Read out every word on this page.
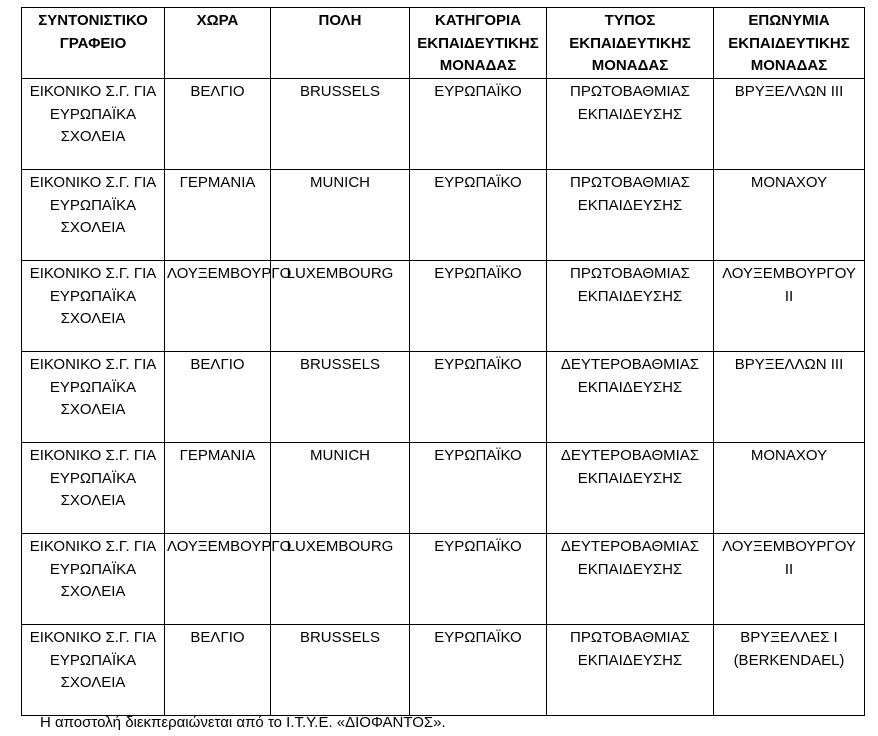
ΣΥΝΤΟΝΙΣΤΙΚΟ ΓΡΑΦΕΙΟ	ΧΩΡΑ	ΠΟΛΗ	ΚΑΤΗΓΟΡΙΑ ΕΚΠΑΙΔΕΥΤΙΚΗΣ ΜΟΝΑΔΑΣ	ΤΥΠΟΣ ΕΚΠΑΙΔΕΥΤΙΚΗΣ ΜΟΝΑΔΑΣ	ΕΠΩΝΥΜΙΑ ΕΚΠΑΙΔΕΥΤΙΚΗΣ ΜΟΝΑΔΑΣ
ΕΙΚΟΝΙΚΟ Σ.Γ. ΓΙΑ ΕΥΡΩΠΑΪΚΑ ΣΧΟΛΕΙΑ	ΒΕΛΓΙΟ	BRUSSELS	ΕΥΡΩΠΑΪΚΟ	ΠΡΩΤΟΒΑΘΜΙΑΣ ΕΚΠΑΙΔΕΥΣΗΣ	ΒΡΥΞΕΛΛΩΝ III
ΕΙΚΟΝΙΚΟ Σ.Γ. ΓΙΑ ΕΥΡΩΠΑΪΚΑ ΣΧΟΛΕΙΑ	ΓΕΡΜΑΝΙΑ	MUNICH	ΕΥΡΩΠΑΪΚΟ	ΠΡΩΤΟΒΑΘΜΙΑΣ ΕΚΠΑΙΔΕΥΣΗΣ	ΜΟΝΑΧΟΥ
ΕΙΚΟΝΙΚΟ Σ.Γ. ΓΙΑ ΕΥΡΩΠΑΪΚΑ ΣΧΟΛΕΙΑ	ΛΟΥΞΕΜΒΟΥΡΓΟ	LUXEMBOURG	ΕΥΡΩΠΑΪΚΟ	ΠΡΩΤΟΒΑΘΜΙΑΣ ΕΚΠΑΙΔΕΥΣΗΣ	ΛΟΥΞΕΜΒΟΥΡΓΟΥ II
ΕΙΚΟΝΙΚΟ Σ.Γ. ΓΙΑ ΕΥΡΩΠΑΪΚΑ ΣΧΟΛΕΙΑ	ΒΕΛΓΙΟ	BRUSSELS	ΕΥΡΩΠΑΪΚΟ	ΔΕΥΤΕΡΟΒΑΘΜΙΑΣ ΕΚΠΑΙΔΕΥΣΗΣ	ΒΡΥΞΕΛΛΩΝ III
ΕΙΚΟΝΙΚΟ Σ.Γ. ΓΙΑ ΕΥΡΩΠΑΪΚΑ ΣΧΟΛΕΙΑ	ΓΕΡΜΑΝΙΑ	MUNICH	ΕΥΡΩΠΑΪΚΟ	ΔΕΥΤΕΡΟΒΑΘΜΙΑΣ ΕΚΠΑΙΔΕΥΣΗΣ	ΜΟΝΑΧΟΥ
ΕΙΚΟΝΙΚΟ Σ.Γ. ΓΙΑ ΕΥΡΩΠΑΪΚΑ ΣΧΟΛΕΙΑ	ΛΟΥΞΕΜΒΟΥΡΓΟ	LUXEMBOURG	ΕΥΡΩΠΑΪΚΟ	ΔΕΥΤΕΡΟΒΑΘΜΙΑΣ ΕΚΠΑΙΔΕΥΣΗΣ	ΛΟΥΞΕΜΒΟΥΡΓΟΥ II
ΕΙΚΟΝΙΚΟ Σ.Γ. ΓΙΑ ΕΥΡΩΠΑΪΚΑ ΣΧΟΛΕΙΑ	ΒΕΛΓΙΟ	BRUSSELS	ΕΥΡΩΠΑΪΚΟ	ΠΡΩΤΟΒΑΘΜΙΑΣ ΕΚΠΑΙΔΕΥΣΗΣ	ΒΡΥΞΕΛΛΕΣ I (BERKENDAEL)
Η αποστολή διεκπεραιώνεται από το Ι.Τ.Υ.Ε. «ΔΙΟΦΑΝΤΟΣ».
